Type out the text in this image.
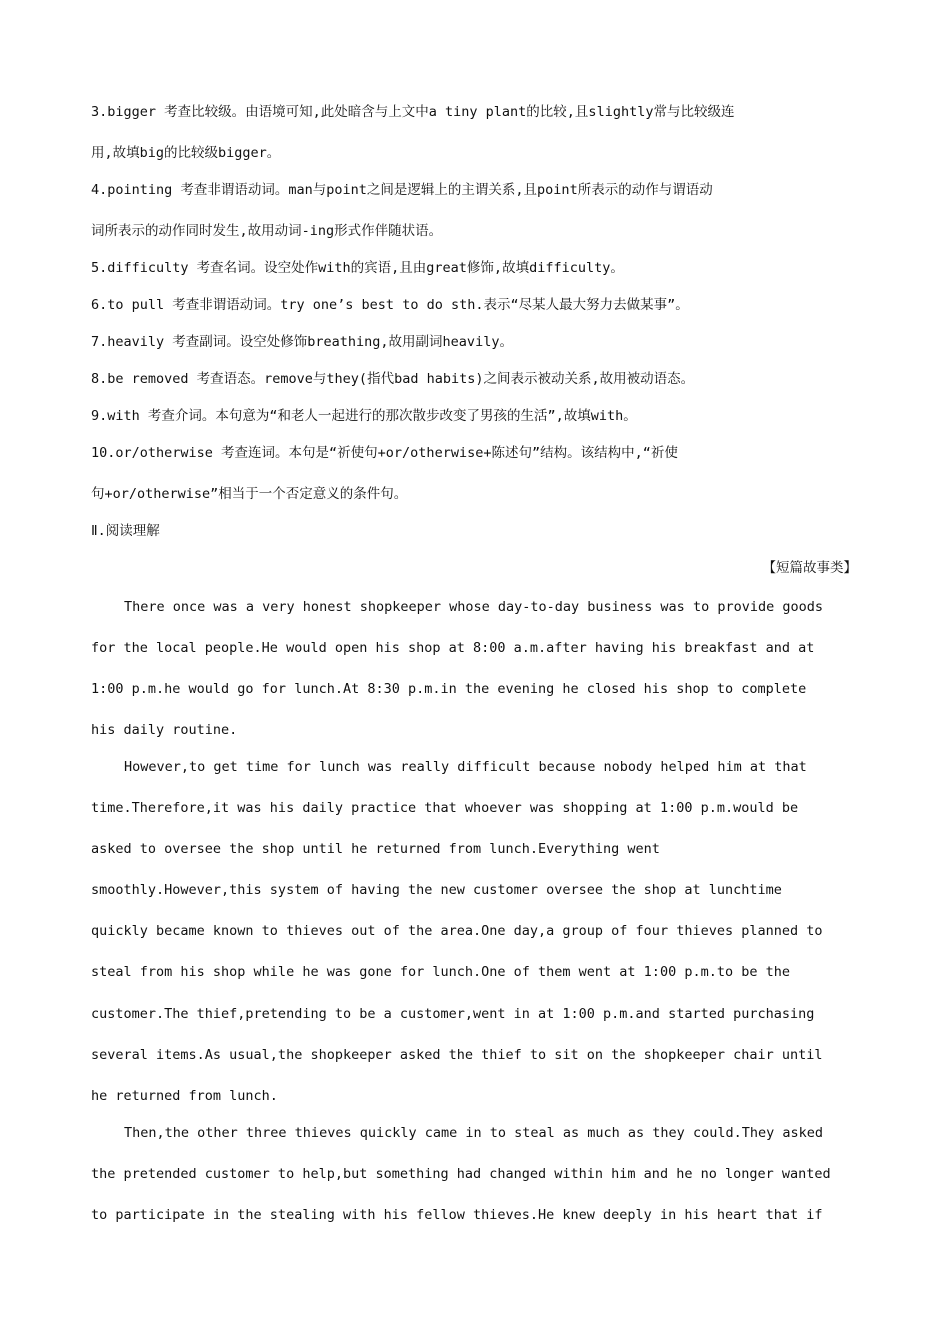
3.bigger 考查比较级。由语境可知,此处暗含与上文中a tiny plant的比较,且slightly常与比较级连

用,故填big的比较级bigger。

4.pointing 考查非谓语动词。man与point之间是逻辑上的主谓关系,且point所表示的动作与谓语动

词所表示的动作同时发生,故用动词-ing形式作伴随状语。

5.difficulty 考查名词。设空处作with的宾语,且由great修饰,故填difficulty。

6.to pull 考查非谓语动词。try one’s best to do sth.表示“尽某人最大努力去做某事”。

7.heavily 考查副词。设空处修饰breathing,故用副词heavily。

8.be removed 考查语态。remove与they(指代bad habits)之间表示被动关系,故用被动语态。

9.with 考查介词。本句意为“和老人一起进行的那次散步改变了男孩的生活”,故填with。

10.or/otherwise 考查连词。本句是“祈使句+or/otherwise+陈述句”结构。该结构中,“祈使

句+or/otherwise”相当于一个否定意义的条件句。

Ⅱ.阅读理解

【短篇故事类】

There once was a very honest shopkeeper whose day-to-day business was to provide goods

for the local people.He would open his shop at 8:00 a.m.after having his breakfast and at

1:00 p.m.he would go for lunch.At 8:30 p.m.in the evening he closed his shop to complete

his daily routine.

However,to get time for lunch was really difficult because nobody helped him at that

time.Therefore,it was his daily practice that whoever was shopping at 1:00 p.m.would be

asked to oversee the shop until he returned from lunch.Everything went

smoothly.However,this system of having the new customer oversee the shop at lunchtime

quickly became known to thieves out of the area.One day,a group of four thieves planned to

steal from his shop while he was gone for lunch.One of them went at 1:00 p.m.to be the

customer.The thief,pretending to be a customer,went in at 1:00 p.m.and started purchasing

several items.As usual,the shopkeeper asked the thief to sit on the shopkeeper chair until

he returned from lunch.

Then,the other three thieves quickly came in to steal as much as they could.They asked

the pretended customer to help,but something had changed within him and he no longer wanted

to participate in the stealing with his fellow thieves.He knew deeply in his heart that if
